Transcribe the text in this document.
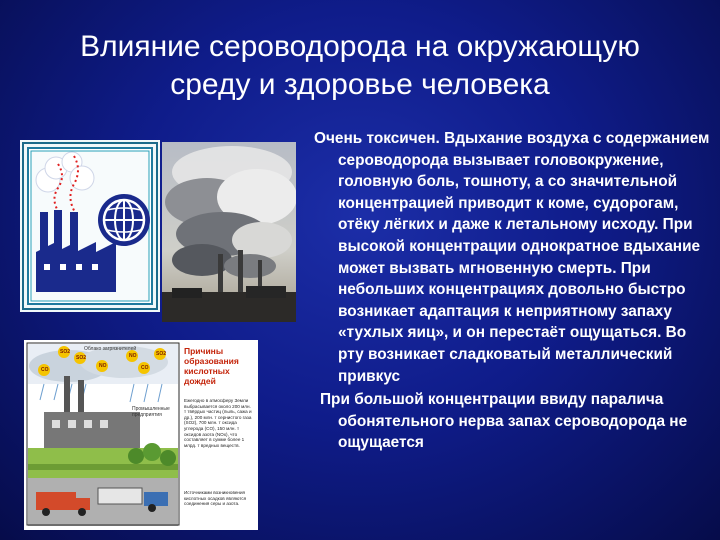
Влияние сероводорода на окружающую
среду и здоровье человека
SO2
SO2
CO
NO
NO
CO
SO2
Облако загрязнителей
Промышленные предприятия
Причины образования кислотных дождей
Ежегодно в атмосферу Земли выбрасывается около 200 млн. т твёрдых частиц (пыль, сажа и др.), 200 млн. т сернистого газа (SO2), 700 млн. т оксида углерода (CO), 150 млн. т оксидов азота (NOx), что составляет в сумме более 1 млрд. т вредных веществ.
Источниками возникновения кислотных осадков являются соединения серы и азота.

Очень токсичен. Вдыхание воздуха с содержанием сероводорода вызывает головокружение, головную боль, тошноту, а со значительной концентрацией приводит к коме, судорогам, отёку лёгких и даже к летальному исходу. При высокой концентрации однократное вдыхание может вызвать мгновенную смерть. При небольших концентрациях довольно быстро возникает адаптация к неприятному запаху «тухлых яиц», и он перестаёт ощущаться. Во рту возникает сладковатый металлический привкус

При большой концентрации ввиду паралича обонятельного нерва запах сероводорода не ощущается
